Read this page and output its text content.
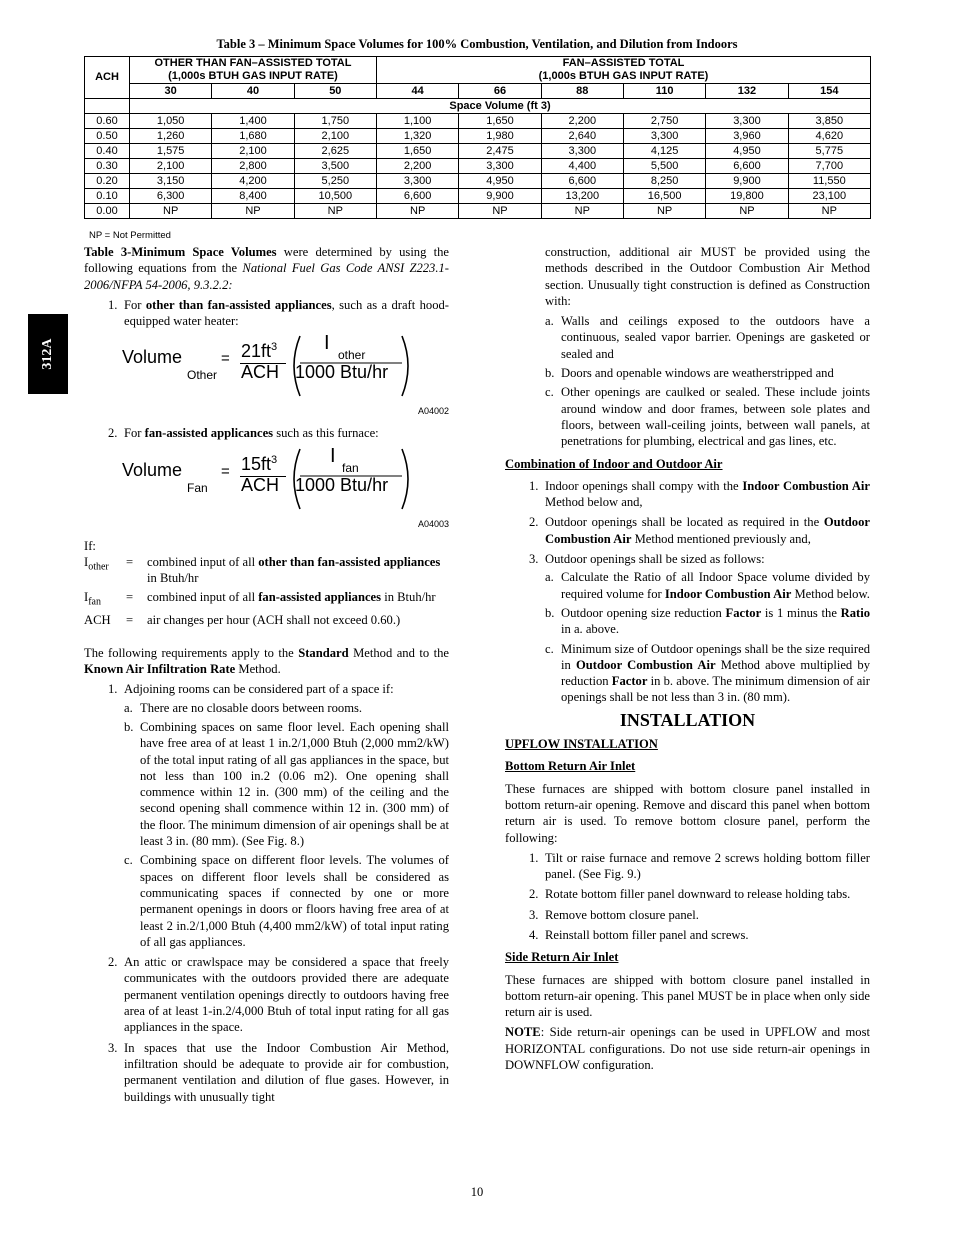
Table 3 – Minimum Space Volumes for 100% Combustion, Ventilation, and Dilution from Indoors
ACH	OTHER THAN FAN–ASSISTED TOTAL
(1,000s BTUH GAS INPUT RATE)			FAN–ASSISTED TOTAL
(1,000s BTUH GAS INPUT RATE)					
	30	40	50	44	66	88	110	132	154
	Space Volume (ft 3)								
0.60	1,050	1,400	1,750	1,100	1,650	2,200	2,750	3,300	3,850
0.50	1,260	1,680	2,100	1,320	1,980	2,640	3,300	3,960	4,620
0.40	1,575	2,100	2,625	1,650	2,475	3,300	4,125	4,950	5,775
0.30	2,100	2,800	3,500	2,200	3,300	4,400	5,500	6,600	7,700
0.20	3,150	4,200	5,250	3,300	4,950	6,600	8,250	9,900	11,550
0.10	6,300	8,400	10,500	6,600	9,900	13,200	16,500	19,800	23,100
0.00	NP	NP	NP	NP	NP	NP	NP	NP	NP
NP = Not Permitted
312A

Table 3-Minimum Space Volumes were determined by using the following equations from the National Fuel Gas Code ANSI Z223.1-2006/NFPA 54-2006, 9.3.2.2:

1. For other than fan-assisted appliances, such as a draft hood-equipped water heater:
Volume
Other
= $21ft^3$
ACH
I
other
1000 Btu/hr
A04002
2. For fan-assisted applicances such as this furnace:
Volume
Fan
= $15ft^3$
ACH
I
fan
1000 Btu/hr
A04003
If:
$I_{other}$	=	combined input of all other than fan-assisted appliances in Btuh/hr
$I_{fan}$	=	combined input of all fan-assisted appliances in Btuh/hr
ACH	=	air changes per hour (ACH shall not exceed 0.60.)

The following requirements apply to the Standard Method and to the Known Air Infiltration Rate Method.

1. Adjoining rooms can be considered part of a space if:
a. There are no closable doors between rooms.
b. Combining spaces on same floor level. Each opening shall have free area of at least 1 in.2/1,000 Btuh (2,000 mm2/kW) of the total input rating of all gas appliances in the space, but not less than 100 in.2 (0.06 m2). One opening shall commence within 12 in. (300 mm) of the ceiling and the second opening shall commence within 12 in. (300 mm) of the floor. The minimum dimension of air openings shall be at least 3 in. (80 mm). (See Fig. 8.)
c. Combining space on different floor levels. The volumes of spaces on different floor levels shall be considered as communicating spaces if connected by one or more permanent openings in doors or floors having free area of at least 2 in.2/1,000 Btuh (4,400 mm2/kW) of total input rating of all gas appliances.
2. An attic or crawlspace may be considered a space that freely communicates with the outdoors provided there are adequate permanent ventilation openings directly to outdoors having free area of at least 1-in.2/4,000 Btuh of total input rating for all gas appliances in the space.
3. In spaces that use the Indoor Combustion Air Method, infiltration should be adequate to provide air for combustion, permanent ventilation and dilution of flue gases. However, in buildings with unusually tight

construction, additional air MUST be provided using the methods described in the Outdoor Combustion Air Method section. Unusually tight construction is defined as Construction with:

a. Walls and ceilings exposed to the outdoors have a continuous, sealed vapor barrier. Openings are gasketed or sealed and
b. Doors and openable windows are weatherstripped and
c. Other openings are caulked or sealed. These include joints around window and door frames, between sole plates and floors, between wall-ceiling joints, between wall panels, at penetrations for plumbing, electrical and gas lines, etc.
Combination of Indoor and Outdoor Air
1. Indoor openings shall compy with the Indoor Combustion Air Method below and,
2. Outdoor openings shall be located as required in the Outdoor Combustion Air Method mentioned previously and,
3. Outdoor openings shall be sized as follows:
a. Calculate the Ratio of all Indoor Space volume divided by required volume for Indoor Combustion Air Method below.
b. Outdoor opening size reduction Factor is 1 minus the Ratio in a. above.
c. Minimum size of Outdoor openings shall be the size required in Outdoor Combustion Air Method above multiplied by reduction Factor in b. above. The minimum dimension of air openings shall be not less than 3 in. (80 mm).
INSTALLATION
UPFLOW INSTALLATION
Bottom Return Air Inlet

These furnaces are shipped with bottom closure panel installed in bottom return-air opening. Remove and discard this panel when bottom return air is used. To remove bottom closure panel, perform the following:

1. Tilt or raise furnace and remove 2 screws holding bottom filler panel. (See Fig. 9.)
2. Rotate bottom filler panel downward to release holding tabs.
3. Remove bottom closure panel.
4. Reinstall bottom filler panel and screws.
Side Return Air Inlet

These furnaces are shipped with bottom closure panel installed in bottom return-air opening. This panel MUST be in place when only side return air is used.

NOTE: Side return-air openings can be used in UPFLOW and most HORIZONTAL configurations. Do not use side return-air openings in DOWNFLOW configuration.

10
